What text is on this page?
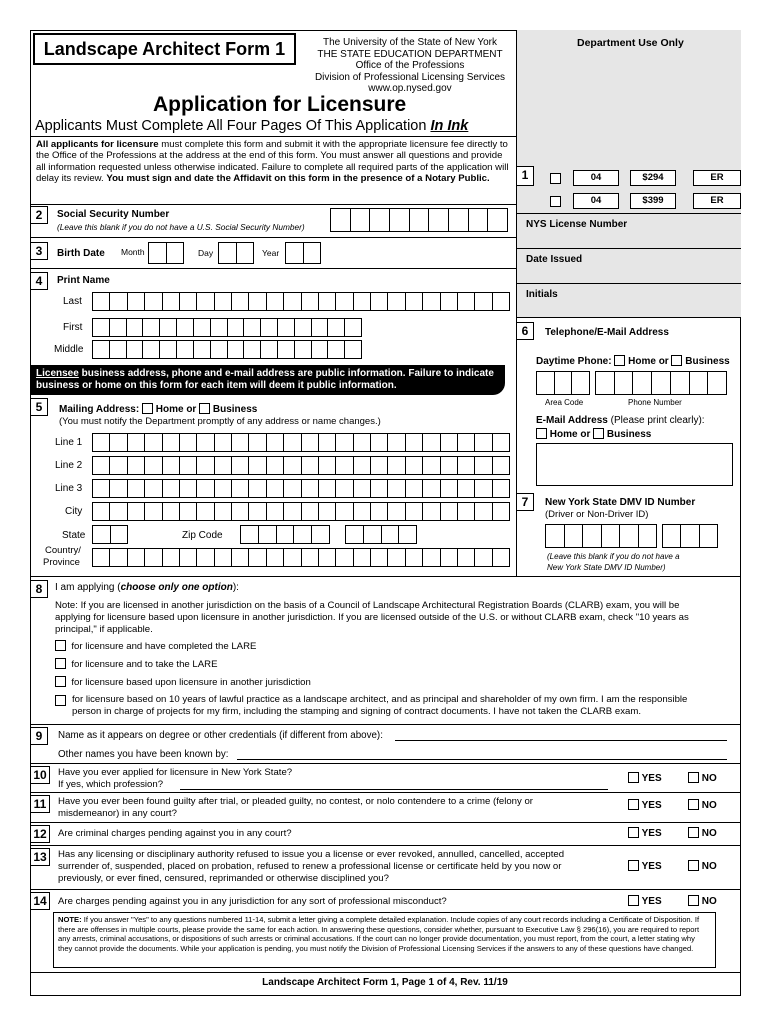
Landscape Architect Form 1	The University of the State of New York
THE STATE EDUCATION DEPARTMENT
Office of the Professions
Division of Professional Licensing Services
www.op.nysed.gov
Application for Licensure
Applicants Must Complete All Four Pages Of This Application In Ink
All applicants for licensure must complete this form and submit it with the appropriate licensure fee directly to the Office of the Professions at the address at the end of this form. You must answer all questions and provide all information requested unless otherwise indicated. Failure to complete all required parts of the application will delay its review. You must sign and date the Affidavit on this form in the presence of a Notary Public.
Department Use Only
1	04	$294	ER
04	$399	ER
NYS License Number
Date Issued
Initials
2	Social Security Number
(Leave this blank if you do not have a U.S. Social Security Number)
3	Birth Date Month	Day	Year
4	Print Name
Last
First
Middle
Licensee business address, phone and e-mail address are public information. Failure to indicate business or home on this form for each item will deem it public information.
5	Mailing Address: Home or Business
(You must notify the Department promptly of any address or name changes.)
Line 1
Line 2
Line 3
City
State	Zip Code
Country/
Province
6	Telephone/E-Mail Address
Daytime Phone: Home or Business
Area Code	Phone Number
E-Mail Address (Please print clearly):
Home or Business
7	New York State DMV ID Number
(Driver or Non-Driver ID)
(Leave this blank if you do not have a
New York State DMV ID Number)
8	I am applying (choose only one option):
Note: If you are licensed in another jurisdiction on the basis of a Council of Landscape Architectural Registration Boards (CLARB) exam, you will be applying for licensure based upon licensure in another jurisdiction. If you are licensed outside of the U.S. or without CLARB exam, check "10 years as principal," if applicable.
for licensure and have completed the LARE
for licensure and to take the LARE
for licensure based upon licensure in another jurisdiction
for licensure based on 10 years of lawful practice as a landscape architect, and as principal and shareholder of my own firm. I am the responsible person in charge of projects for my firm, including the stamping and signing of contract documents. I have not taken the CLARB exam.
9	Name as it appears on degree or other credentials (if different from above):
Other names you have been known by:
10	Have you ever applied for licensure in New York State?
If yes, which profession?
YES	NO
11	Have you ever been found guilty after trial, or pleaded guilty, no contest, or nolo contendere to a crime (felony or
misdemeanor) in any court?
YES	NO
12	Are criminal charges pending against you in any court?	YES	NO
13	Has any licensing or disciplinary authority refused to issue you a license or ever revoked, annulled, cancelled, accepted
surrender of, suspended, placed on probation, refused to renew a professional license or certificate held by you now or
previously, or ever fined, censured, reprimanded or otherwise disciplined you?
YES	NO
14	Are charges pending against you in any jurisdiction for any sort of professional misconduct?	YES	NO
NOTE: If you answer "Yes" to any questions numbered 11-14, submit a letter giving a complete detailed explanation. Include copies of any court records including a Certificate of Disposition. If there are offenses in multiple courts, please provide the same for each action. In answering these questions, consider whether, pursuant to Executive Law § 296(16), you are required to report any arrests, criminal accusations, or dispositions of such arrests or criminal accusations. If the court can no longer provide documentation, you must report, from the court, a letter stating why they cannot provide the documents. While your application is pending, you must notify the Division of Professional Licensing Services if the answers to any of these questions have changed.
Landscape Architect Form 1, Page 1 of 4, Rev. 11/19
